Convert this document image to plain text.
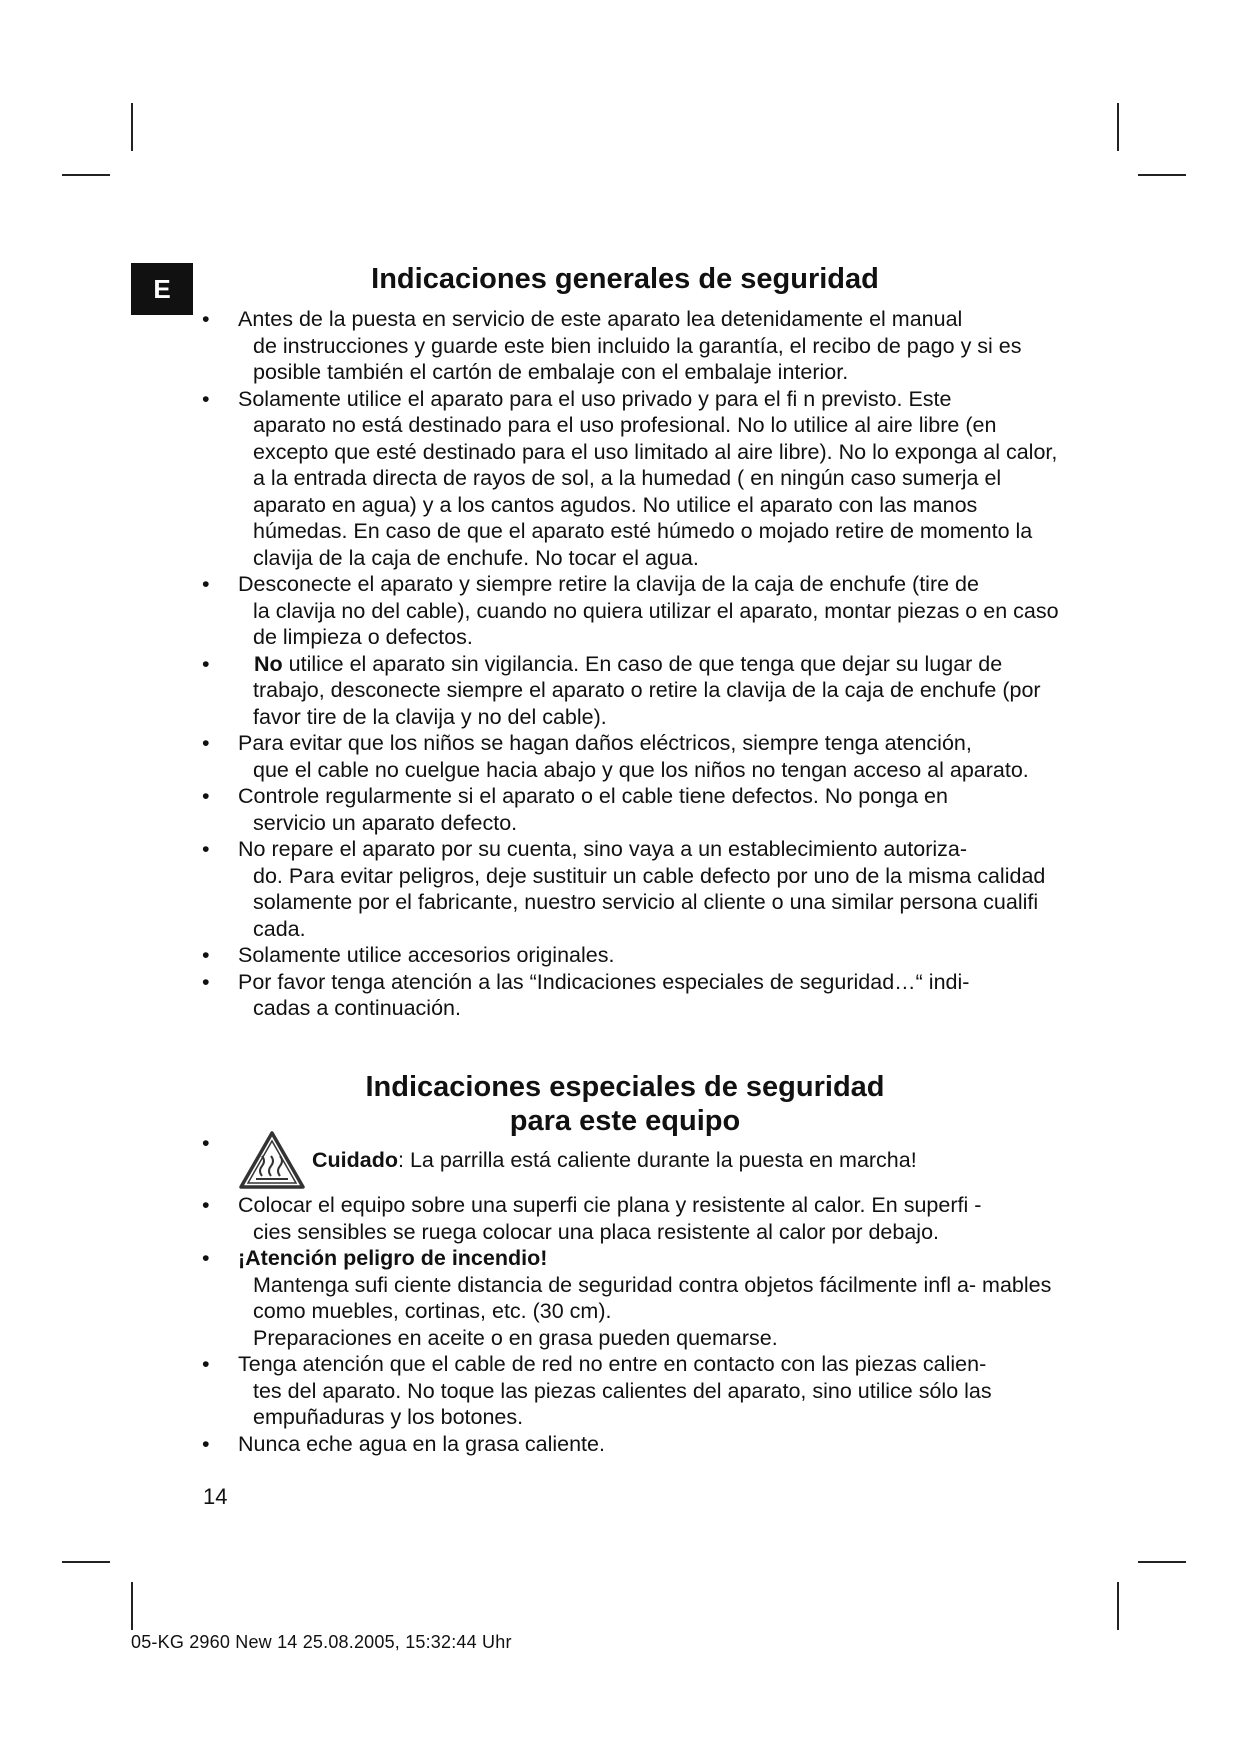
E	Indicaciones generales de seguridad
• Antes de la puesta en servicio de este aparato lea detenidamente el manual
de instrucciones y guarde este bien incluido la garantía, el recibo de pago y si es posible también el cartón de embalaje con el embalaje interior.
• Solamente utilice el aparato para el uso privado y para el fi n previsto. Este
aparato no está destinado para el uso profesional. No lo utilice al aire libre (en excepto que esté destinado para el uso limitado al aire libre). No lo exponga al calor, a la entrada directa de rayos de sol, a la humedad ( en ningún caso sumerja el aparato en agua) y a los cantos agudos. No utilice el aparato con las manos húmedas. En caso de que el aparato esté húmedo o mojado retire de momento la clavija de la caja de enchufe. No tocar el agua.
• Desconecte el aparato y siempre retire la clavija de la caja de enchufe (tire de
la clavija no del cable), cuando no quiera utilizar el aparato, montar piezas o en caso de limpieza o defectos.
• No utilice el aparato sin vigilancia. En caso de que tenga que dejar su lugar de
trabajo, desconecte siempre el aparato o retire la clavija de la caja de enchufe (por favor tire de la clavija y no del cable).
• Para evitar que los niños se hagan daños eléctricos, siempre tenga atención,
que el cable no cuelgue hacia abajo y que los niños no tengan acceso al aparato.
• Controle regularmente si el aparato o el cable tiene defectos. No ponga en
servicio un aparato defecto.
• No repare el aparato por su cuenta, sino vaya a un establecimiento autoriza-
do. Para evitar peligros, deje sustituir un cable defecto por uno de la misma calidad solamente por el fabricante, nuestro servicio al cliente o una similar persona cualifi cada.
• Solamente utilice accesorios originales.
• Por favor tenga atención a las “Indicaciones especiales de seguridad…“ indi-
cadas a continuación.
Indicaciones especiales de seguridad
para este equipo
• Cuidado : La parrilla está caliente durante la puesta en marcha!
• Colocar el equipo sobre una superfi cie plana y resistente al calor. En superfi -
cies sensibles se ruega colocar una placa resistente al calor por debajo.
• ¡Atención peligro de incendio!
Mantenga sufi ciente distancia de seguridad contra objetos fácilmente infl a- mables como muebles, cortinas, etc. (30 cm).
Preparaciones en aceite o en grasa pueden quemarse.
• Tenga atención que el cable de red no entre en contacto con las piezas calien-
tes del aparato. No toque las piezas calientes del aparato, sino utilice sólo las empuñaduras y los botones.
• Nunca eche agua en la grasa caliente.
14
05-KG 2960 New 14 25.08.2005, 15:32:44 Uhr
